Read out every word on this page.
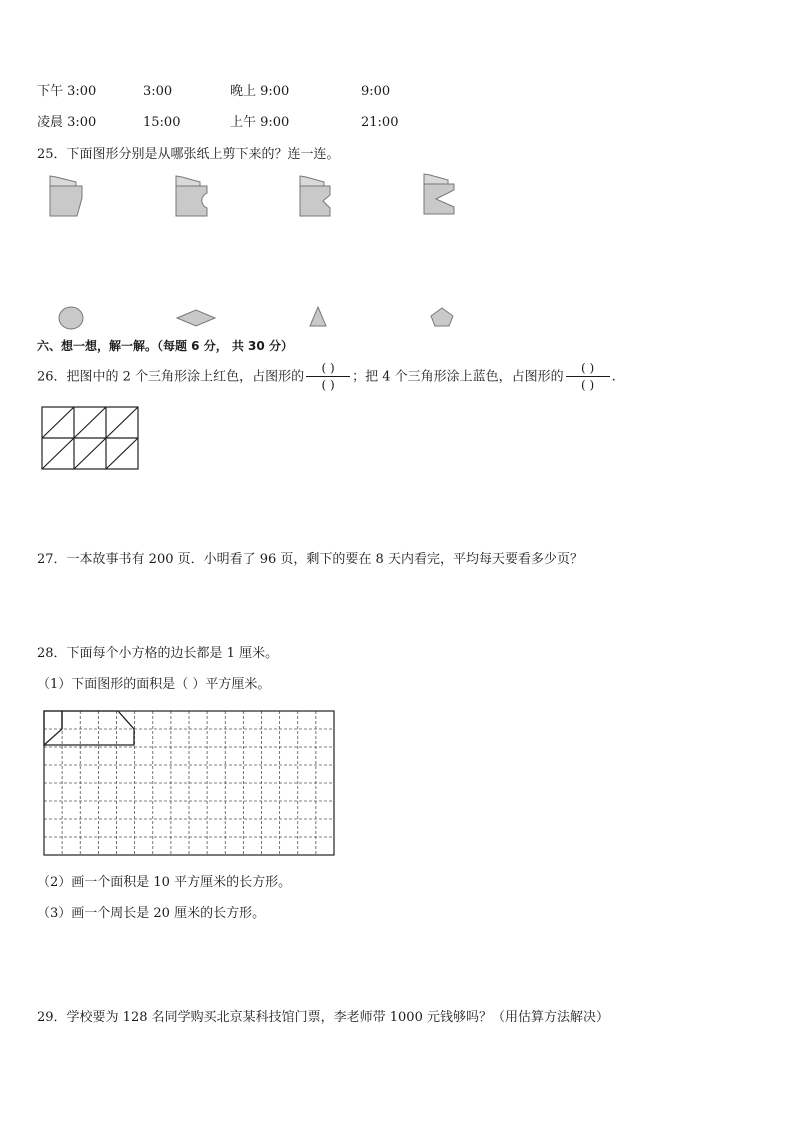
下午 3:00	3:00	晚上 9:00	9:00
凌晨 3:00	15:00	上午 9:00	21:00
25．下面图形分别是从哪张纸上剪下来的？连一连。
六、想一想，解一解。（每题 6 分， 共 30 分）
26．把图中的 2 个三角形涂上红色，占图形的 $\frac{( )}{( )}$ ；把 4 个三角形涂上蓝色，占图形的 $\frac{( )}{( )}$ .
27．一本故事书有 200 页．小明看了 96 页，剩下的要在 8 天内看完，平均每天要看多少页？
28．下面每个小方格的边长都是 1 厘米。
（1）下面图形的面积是（ ）平方厘米。
（2）画一个面积是 10 平方厘米的长方形。
（3）画一个周长是 20 厘米的长方形。
29．学校要为 128 名同学购买北京某科技馆门票，李老师带 1000 元钱够吗？（用估算方法解决）
